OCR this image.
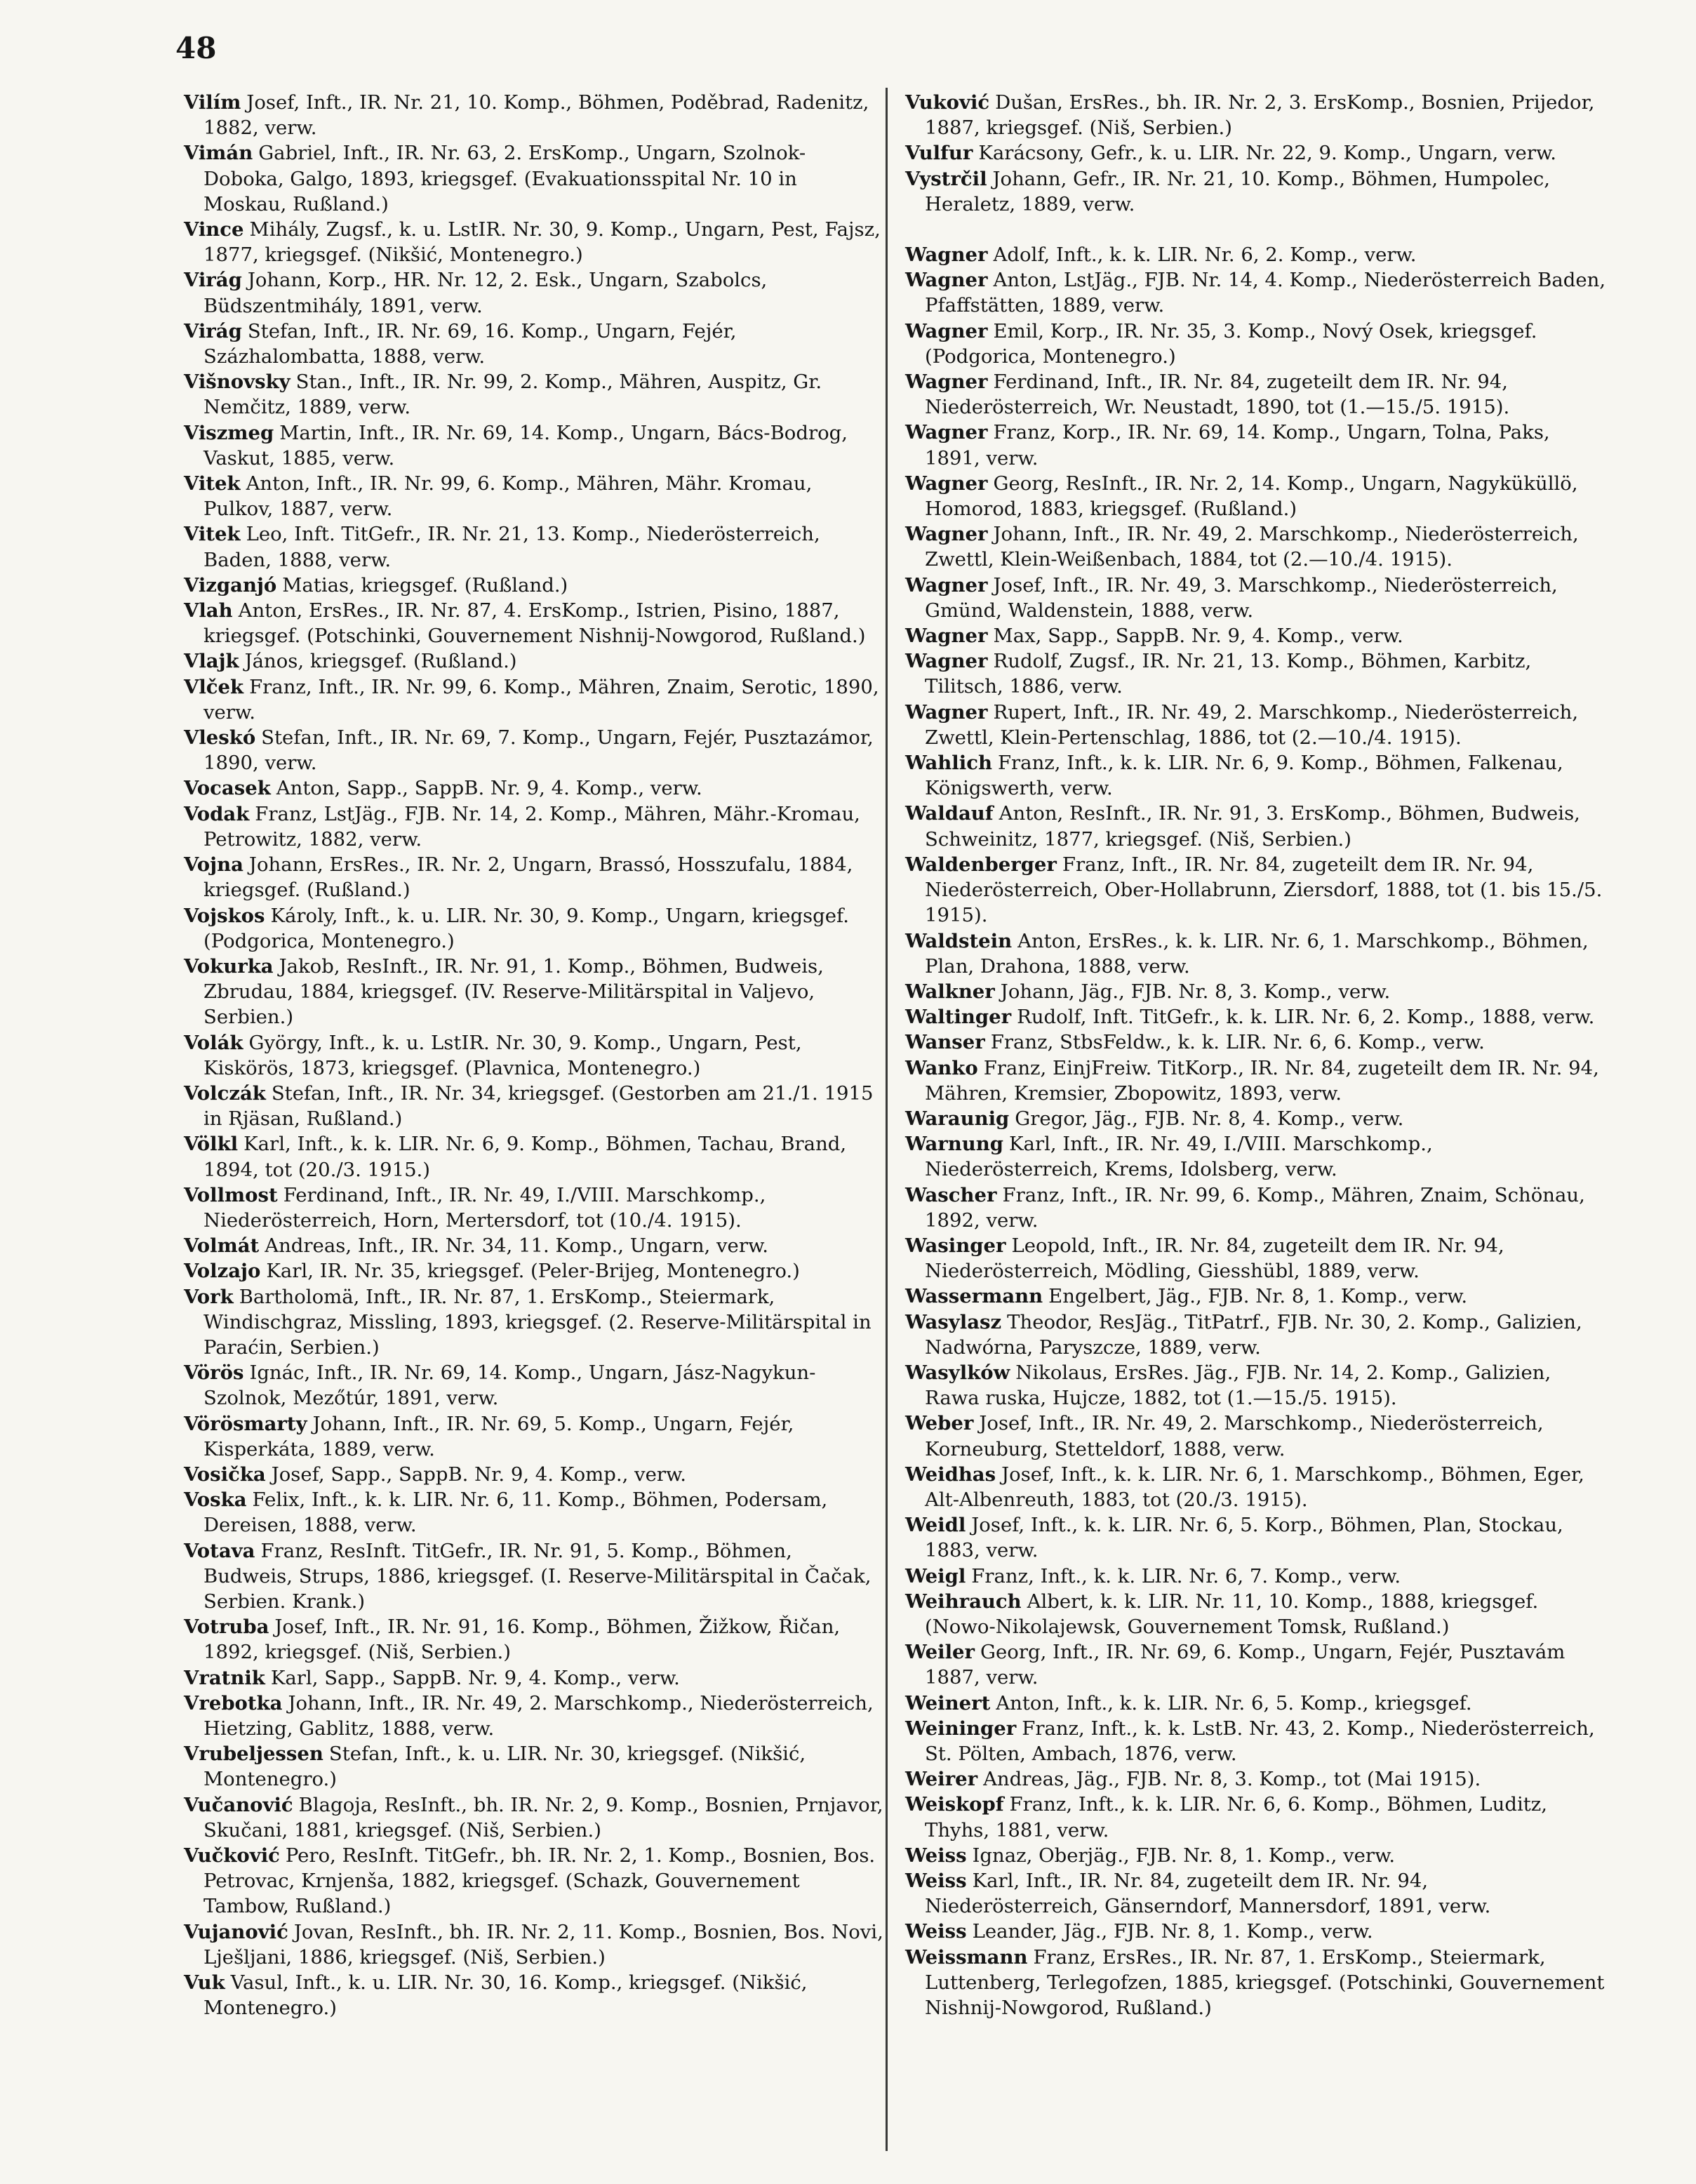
48

Vilím Josef, Inft., IR. Nr. 21, 10. Komp., Böhmen, Poděbrad, Radenitz, 1882, verw.

Vimán Gabriel, Inft., IR. Nr. 63, 2. ErsKomp., Ungarn, Szolnok-Doboka, Galgo, 1893, kriegsgef. (Evakuationsspital Nr. 10 in Moskau, Rußland.)

Vince Mihály, Zugsf., k. u. LstIR. Nr. 30, 9. Komp., Ungarn, Pest, Fajsz, 1877, kriegsgef. (Nikšić, Montenegro.)

Virág Johann, Korp., HR. Nr. 12, 2. Esk., Ungarn, Szabolcs, Büdszentmihály, 1891, verw.

Virág Stefan, Inft., IR. Nr. 69, 16. Komp., Ungarn, Fejér, Százhalombatta, 1888, verw.

Višnovsky Stan., Inft., IR. Nr. 99, 2. Komp., Mähren, Auspitz, Gr. Nemčitz, 1889, verw.

Viszmeg Martin, Inft., IR. Nr. 69, 14. Komp., Ungarn, Bács-Bodrog, Vaskut, 1885, verw.

Vitek Anton, Inft., IR. Nr. 99, 6. Komp., Mähren, Mähr. Kromau, Pulkov, 1887, verw.

Vitek Leo, Inft. TitGefr., IR. Nr. 21, 13. Komp., Niederösterreich, Baden, 1888, verw.

Vizganjó Matias, kriegsgef. (Rußland.)

Vlah Anton, ErsRes., IR. Nr. 87, 4. ErsKomp., Istrien, Pisino, 1887, kriegsgef. (Potschinki, Gouvernement Nishnij-Nowgorod, Rußland.)

Vlajk János, kriegsgef. (Rußland.)

Vlček Franz, Inft., IR. Nr. 99, 6. Komp., Mähren, Znaim, Serotic, 1890, verw.

Vleskó Stefan, Inft., IR. Nr. 69, 7. Komp., Ungarn, Fejér, Pusztazámor, 1890, verw.

Vocasek Anton, Sapp., SappB. Nr. 9, 4. Komp., verw.

Vodak Franz, LstJäg., FJB. Nr. 14, 2. Komp., Mähren, Mähr.-Kromau, Petrowitz, 1882, verw.

Vojna Johann, ErsRes., IR. Nr. 2, Ungarn, Brassó, Hosszufalu, 1884, kriegsgef. (Rußland.)

Vojskos Károly, Inft., k. u. LIR. Nr. 30, 9. Komp., Ungarn, kriegsgef. (Podgorica, Montenegro.)

Vokurka Jakob, ResInft., IR. Nr. 91, 1. Komp., Böhmen, Budweis, Zbrudau, 1884, kriegsgef. (IV. Reserve-Militärspital in Valjevo, Serbien.)

Volák György, Inft., k. u. LstIR. Nr. 30, 9. Komp., Ungarn, Pest, Kiskörös, 1873, kriegsgef. (Plavnica, Montenegro.)

Volczák Stefan, Inft., IR. Nr. 34, kriegsgef. (Gestorben am 21./1. 1915 in Rjäsan, Rußland.)

Völkl Karl, Inft., k. k. LIR. Nr. 6, 9. Komp., Böhmen, Tachau, Brand, 1894, tot (20./3. 1915.)

Vollmost Ferdinand, Inft., IR. Nr. 49, I./VIII. Marschkomp., Niederösterreich, Horn, Mertersdorf, tot (10./4. 1915).

Volmát Andreas, Inft., IR. Nr. 34, 11. Komp., Ungarn, verw.

Volzajo Karl, IR. Nr. 35, kriegsgef. (Peler-Brijeg, Montenegro.)

Vork Bartholomä, Inft., IR. Nr. 87, 1. ErsKomp., Steiermark, Windischgraz, Missling, 1893, kriegsgef. (2. Reserve-Militärspital in Paraćin, Serbien.)

Vörös Ignác, Inft., IR. Nr. 69, 14. Komp., Ungarn, Jász-Nagykun-Szolnok, Mezőtúr, 1891, verw.

Vörösmarty Johann, Inft., IR. Nr. 69, 5. Komp., Ungarn, Fejér, Kisperkáta, 1889, verw.

Vosička Josef, Sapp., SappB. Nr. 9, 4. Komp., verw.

Voska Felix, Inft., k. k. LIR. Nr. 6, 11. Komp., Böhmen, Podersam, Dereisen, 1888, verw.

Votava Franz, ResInft. TitGefr., IR. Nr. 91, 5. Komp., Böhmen, Budweis, Strups, 1886, kriegsgef. (I. Reserve-Militärspital in Čačak, Serbien. Krank.)

Votruba Josef, Inft., IR. Nr. 91, 16. Komp., Böhmen, Žižkow, Řičan, 1892, kriegsgef. (Niš, Serbien.)

Vratnik Karl, Sapp., SappB. Nr. 9, 4. Komp., verw.

Vrebotka Johann, Inft., IR. Nr. 49, 2. Marschkomp., Niederösterreich, Hietzing, Gablitz, 1888, verw.

Vrubeljessen Stefan, Inft., k. u. LIR. Nr. 30, kriegsgef. (Nikšić, Montenegro.)

Vučanović Blagoja, ResInft., bh. IR. Nr. 2, 9. Komp., Bosnien, Prnjavor, Skučani, 1881, kriegsgef. (Niš, Serbien.)

Vučković Pero, ResInft. TitGefr., bh. IR. Nr. 2, 1. Komp., Bosnien, Bos. Petrovac, Krnjenša, 1882, kriegsgef. (Schazk, Gouvernement Tambow, Rußland.)

Vujanović Jovan, ResInft., bh. IR. Nr. 2, 11. Komp., Bosnien, Bos. Novi, Lješljani, 1886, kriegsgef. (Niš, Serbien.)

Vuk Vasul, Inft., k. u. LIR. Nr. 30, 16. Komp., kriegsgef. (Nikšić, Montenegro.)

Vuković Dušan, ErsRes., bh. IR. Nr. 2, 3. ErsKomp., Bosnien, Prijedor, 1887, kriegsgef. (Niš, Serbien.)

Vulfur Karácsony, Gefr., k. u. LIR. Nr. 22, 9. Komp., Ungarn, verw.

Vystrčil Johann, Gefr., IR. Nr. 21, 10. Komp., Böhmen, Humpolec, Heraletz, 1889, verw.

Wagner Adolf, Inft., k. k. LIR. Nr. 6, 2. Komp., verw.

Wagner Anton, LstJäg., FJB. Nr. 14, 4. Komp., Niederösterreich Baden, Pfaffstätten, 1889, verw.

Wagner Emil, Korp., IR. Nr. 35, 3. Komp., Nový Osek, kriegsgef. (Podgorica, Montenegro.)

Wagner Ferdinand, Inft., IR. Nr. 84, zugeteilt dem IR. Nr. 94, Niederösterreich, Wr. Neustadt, 1890, tot (1.—15./5. 1915).

Wagner Franz, Korp., IR. Nr. 69, 14. Komp., Ungarn, Tolna, Paks, 1891, verw.

Wagner Georg, ResInft., IR. Nr. 2, 14. Komp., Ungarn, Nagyküküllö, Homorod, 1883, kriegsgef. (Rußland.)

Wagner Johann, Inft., IR. Nr. 49, 2. Marschkomp., Niederösterreich, Zwettl, Klein-Weißenbach, 1884, tot (2.—10./4. 1915).

Wagner Josef, Inft., IR. Nr. 49, 3. Marschkomp., Niederösterreich, Gmünd, Waldenstein, 1888, verw.

Wagner Max, Sapp., SappB. Nr. 9, 4. Komp., verw.

Wagner Rudolf, Zugsf., IR. Nr. 21, 13. Komp., Böhmen, Karbitz, Tilitsch, 1886, verw.

Wagner Rupert, Inft., IR. Nr. 49, 2. Marschkomp., Niederösterreich, Zwettl, Klein-Pertenschlag, 1886, tot (2.—10./4. 1915).

Wahlich Franz, Inft., k. k. LIR. Nr. 6, 9. Komp., Böhmen, Falkenau, Königswerth, verw.

Waldauf Anton, ResInft., IR. Nr. 91, 3. ErsKomp., Böhmen, Budweis, Schweinitz, 1877, kriegsgef. (Niš, Serbien.)

Waldenberger Franz, Inft., IR. Nr. 84, zugeteilt dem IR. Nr. 94, Niederösterreich, Ober-Hollabrunn, Ziersdorf, 1888, tot (1. bis 15./5. 1915).

Waldstein Anton, ErsRes., k. k. LIR. Nr. 6, 1. Marschkomp., Böhmen, Plan, Drahona, 1888, verw.

Walkner Johann, Jäg., FJB. Nr. 8, 3. Komp., verw.

Waltinger Rudolf, Inft. TitGefr., k. k. LIR. Nr. 6, 2. Komp., 1888, verw.

Wanser Franz, StbsFeldw., k. k. LIR. Nr. 6, 6. Komp., verw.

Wanko Franz, EinjFreiw. TitKorp., IR. Nr. 84, zugeteilt dem IR. Nr. 94, Mähren, Kremsier, Zbopowitz, 1893, verw.

Waraunig Gregor, Jäg., FJB. Nr. 8, 4. Komp., verw.

Warnung Karl, Inft., IR. Nr. 49, I./VIII. Marschkomp., Niederösterreich, Krems, Idolsberg, verw.

Wascher Franz, Inft., IR. Nr. 99, 6. Komp., Mähren, Znaim, Schönau, 1892, verw.

Wasinger Leopold, Inft., IR. Nr. 84, zugeteilt dem IR. Nr. 94, Niederösterreich, Mödling, Giesshübl, 1889, verw.

Wassermann Engelbert, Jäg., FJB. Nr. 8, 1. Komp., verw.

Wasylasz Theodor, ResJäg., TitPatrf., FJB. Nr. 30, 2. Komp., Galizien, Nadwórna, Paryszcze, 1889, verw.

Wasylków Nikolaus, ErsRes. Jäg., FJB. Nr. 14, 2. Komp., Galizien, Rawa ruska, Hujcze, 1882, tot (1.—15./5. 1915).

Weber Josef, Inft., IR. Nr. 49, 2. Marschkomp., Niederösterreich, Korneuburg, Stetteldorf, 1888, verw.

Weidhas Josef, Inft., k. k. LIR. Nr. 6, 1. Marschkomp., Böhmen, Eger, Alt-Albenreuth, 1883, tot (20./3. 1915).

Weidl Josef, Inft., k. k. LIR. Nr. 6, 5. Korp., Böhmen, Plan, Stockau, 1883, verw.

Weigl Franz, Inft., k. k. LIR. Nr. 6, 7. Komp., verw.

Weihrauch Albert, k. k. LIR. Nr. 11, 10. Komp., 1888, kriegsgef. (Nowo-Nikolajewsk, Gouvernement Tomsk, Rußland.)

Weiler Georg, Inft., IR. Nr. 69, 6. Komp., Ungarn, Fejér, Pusztavám 1887, verw.

Weinert Anton, Inft., k. k. LIR. Nr. 6, 5. Komp., kriegsgef.

Weininger Franz, Inft., k. k. LstB. Nr. 43, 2. Komp., Niederösterreich, St. Pölten, Ambach, 1876, verw.

Weirer Andreas, Jäg., FJB. Nr. 8, 3. Komp., tot (Mai 1915).

Weiskopf Franz, Inft., k. k. LIR. Nr. 6, 6. Komp., Böhmen, Luditz, Thyhs, 1881, verw.

Weiss Ignaz, Oberjäg., FJB. Nr. 8, 1. Komp., verw.

Weiss Karl, Inft., IR. Nr. 84, zugeteilt dem IR. Nr. 94, Niederösterreich, Gänserndorf, Mannersdorf, 1891, verw.

Weiss Leander, Jäg., FJB. Nr. 8, 1. Komp., verw.

Weissmann Franz, ErsRes., IR. Nr. 87, 1. ErsKomp., Steiermark, Luttenberg, Terlegofzen, 1885, kriegsgef. (Potschinki, Gouvernement Nishnij-Nowgorod, Rußland.)
